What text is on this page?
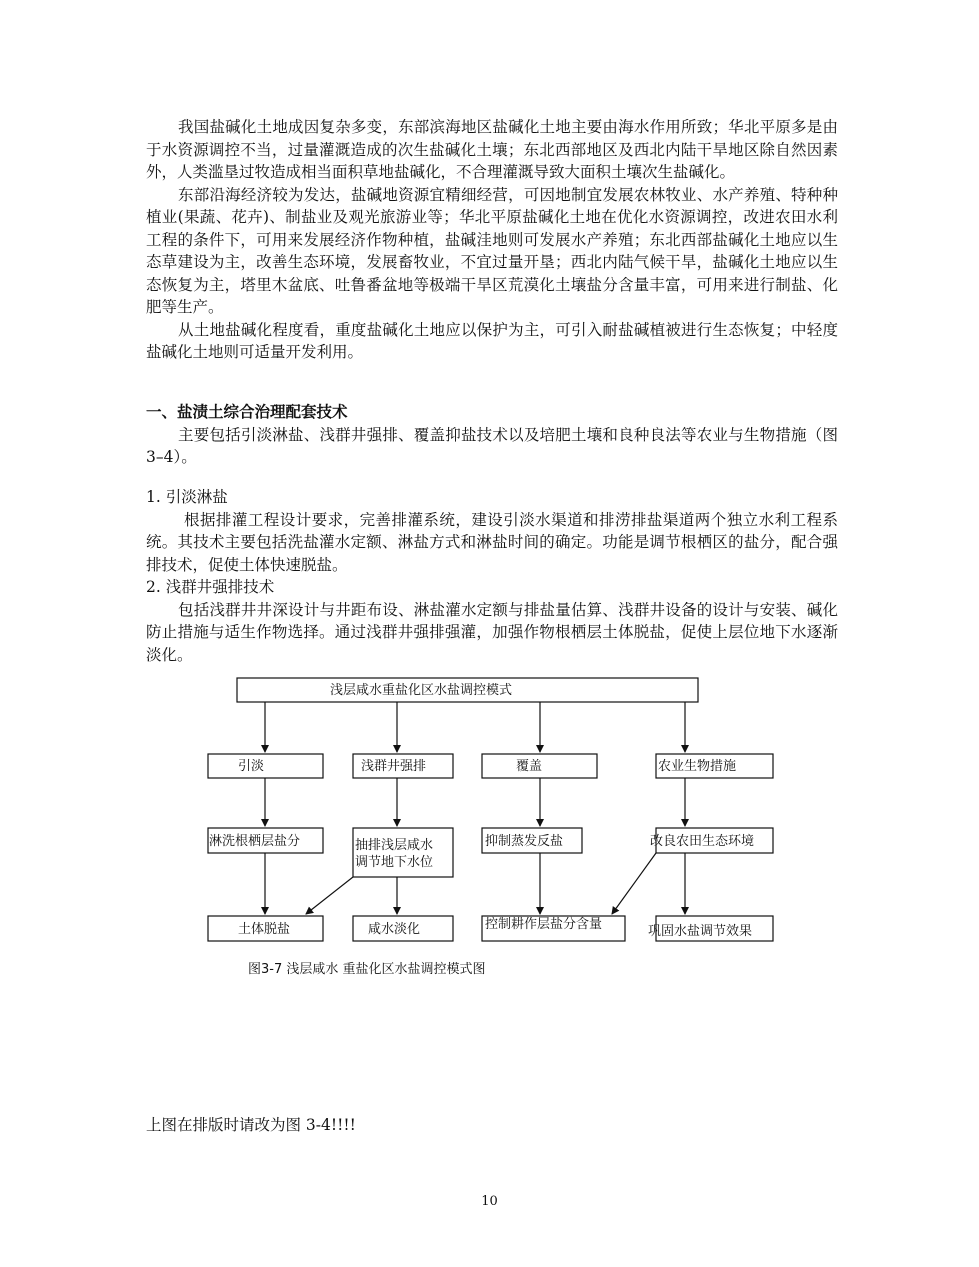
我国盐碱化土地成因复杂多变，东部滨海地区盐碱化土地主要由海水作用所致；华北平原多是由于水资源调控不当，过量灌溉造成的次生盐碱化土壤；东北西部地区及西北内陆干旱地区除自然因素外，人类滥垦过牧造成相当面积草地盐碱化，不合理灌溉导致大面积土壤次生盐碱化。

东部沿海经济较为发达，盐碱地资源宜精细经营，可因地制宜发展农林牧业、水产养殖、特种种植业(果蔬、花卉)、制盐业及观光旅游业等；华北平原盐碱化土地在优化水资源调控，改进农田水利工程的条件下，可用来发展经济作物种植，盐碱洼地则可发展水产养殖；东北西部盐碱化土地应以生态草建设为主，改善生态环境，发展畜牧业，不宜过量开垦；西北内陆气候干旱，盐碱化土地应以生态恢复为主，塔里木盆底、吐鲁番盆地等极端干旱区荒漠化土壤盐分含量丰富，可用来进行制盐、化肥等生产。

从土地盐碱化程度看，重度盐碱化土地应以保护为主，可引入耐盐碱植被进行生态恢复；中轻度盐碱化土地则可适量开发利用。

一、盐渍土综合治理配套技术

主要包括引淡淋盐、浅群井强排、覆盖抑盐技术以及培肥土壤和良种良法等农业与生物措施（图 3–4）。

1. 引淡淋盐

根据排灌工程设计要求，完善排灌系统，建设引淡水渠道和排涝排盐渠道两个独立水利工程系统。其技术主要包括洗盐灌水定额、淋盐方式和淋盐时间的确定。功能是调节根栖区的盐分，配合强排技术，促使土体快速脱盐。

2. 浅群井强排技术

包括浅群井井深设计与井距布设、淋盐灌水定额与排盐量估算、浅群井设备的设计与安装、碱化防止措施与适生作物选择。通过浅群井强排强灌，加强作物根栖层土体脱盐，促使上层位地下水逐渐淡化。

浅层咸水重盐化区水盐调控模式
引淡	浅群井强排	覆盖	农业生物措施
淋洗根栖层盐分	抽排浅层咸水
调节地下水位
抑制蒸发反盐	改良农田生态环境
土体脱盐	咸水淡化	控制耕作层盐分含量	巩固水盐调节效果
图3-7 浅层咸水 重盐化区水盐调控模式图
上图在排版时请改为图 3-4!!!!
10
